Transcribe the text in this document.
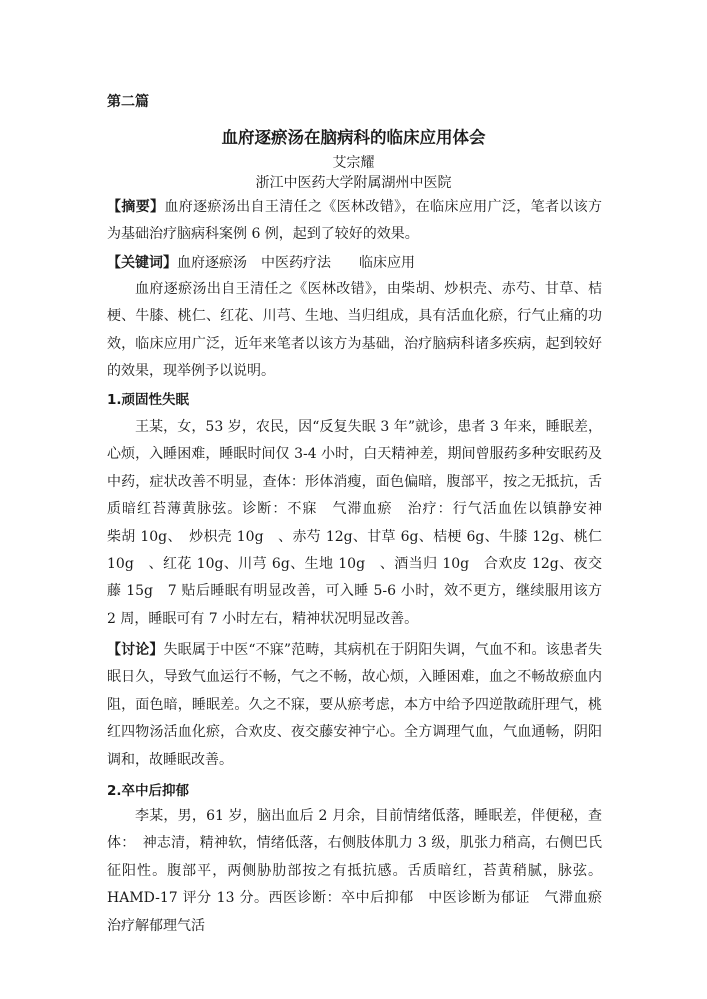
第二篇
血府逐瘀汤在脑病科的临床应用体会
艾宗耀
浙江中医药大学附属湖州中医院
【摘要】血府逐瘀汤出自王清任之《医林改错》，在临床应用广泛，笔者以该方为基础治疗脑病科案例 6 例，起到了较好的效果。
【关键词】血府逐瘀汤　中医药疗法　　临床应用
血府逐瘀汤出自王清任之《医林改错》，由柴胡、炒枳壳、赤芍、甘草、桔梗、牛膝、桃仁、红花、川芎、生地、当归组成，具有活血化瘀，行气止痛的功效，临床应用广泛，近年来笔者以该方为基础，治疗脑病科诸多疾病，起到较好的效果，现举例予以说明。
1.顽固性失眠
王某，女，53 岁，农民，因“反复失眠 3 年”就诊，患者 3 年来，睡眠差，心烦，入睡困难，睡眠时间仅 3-4 小时，白天精神差，期间曾服药多种安眠药及中药，症状改善不明显，查体：形体消瘦，面色偏暗，腹部平，按之无抵抗，舌质暗红苔薄黄脉弦。诊断：不寐　气滞血瘀　治疗：行气活血佐以镇静安神　　柴胡 10g、　炒枳壳 10g　、赤芍 12g、甘草 6g、桔梗 6g、牛膝 12g、桃仁 10g　、红花 10g、川芎 6g、生地 10g　、酒当归 10g　合欢皮 12g、夜交藤 15g　7 贴后睡眠有明显改善，可入睡 5-6 小时，效不更方，继续服用该方 2 周，睡眠可有 7 小时左右，精神状况明显改善。
【讨论】失眠属于中医“不寐”范畴，其病机在于阴阳失调，气血不和。该患者失眠日久，导致气血运行不畅，气之不畅，故心烦，入睡困难，血之不畅故瘀血内阻，面色暗，睡眠差。久之不寐，要从瘀考虑，本方中给予四逆散疏肝理气，桃红四物汤活血化瘀，合欢皮、夜交藤安神宁心。全方调理气血，气血通畅，阴阳调和，故睡眠改善。
2.卒中后抑郁
李某，男，61 岁，脑出血后 2 月余，目前情绪低落，睡眠差，伴便秘，查体：　神志清，精神软，情绪低落，右侧肢体肌力 3 级，肌张力稍高，右侧巴氏征阳性。腹部平，两侧胁肋部按之有抵抗感。舌质暗红，苔黄稍腻，脉弦。HAMD-17 评分 13 分。西医诊断：卒中后抑郁　中医诊断为郁证　气滞血瘀　治疗解郁理气活
